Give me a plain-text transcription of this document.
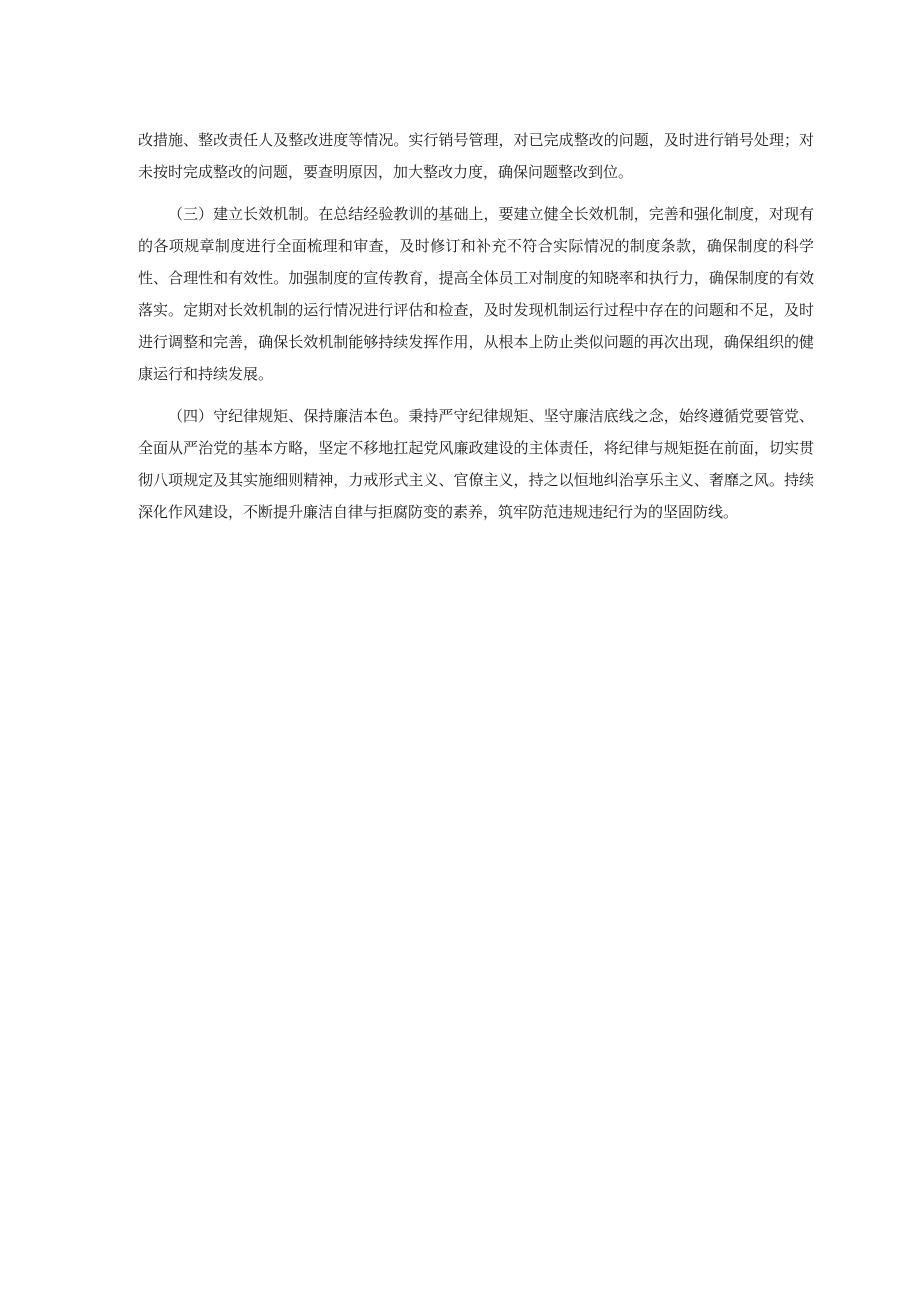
改措施、整改责任人及整改进度等情况。实行销号管理，对已完成整改的问题，及时进行销号处理；对未按时完成整改的问题，要查明原因，加大整改力度，确保问题整改到位。

（三）建立长效机制。在总结经验教训的基础上，要建立健全长效机制，完善和强化制度，对现有的各项规章制度进行全面梳理和审查，及时修订和补充不符合实际情况的制度条款，确保制度的科学性、合理性和有效性。加强制度的宣传教育，提高全体员工对制度的知晓率和执行力，确保制度的有效落实。定期对长效机制的运行情况进行评估和检查，及时发现机制运行过程中存在的问题和不足，及时进行调整和完善，确保长效机制能够持续发挥作用，从根本上防止类似问题的再次出现，确保组织的健康运行和持续发展。

（四）守纪律规矩、保持廉洁本色。秉持严守纪律规矩、坚守廉洁底线之念，始终遵循党要管党、全面从严治党的基本方略，坚定不移地扛起党风廉政建设的主体责任，将纪律与规矩挺在前面，切实贯彻八项规定及其实施细则精神，力戒形式主义、官僚主义，持之以恒地纠治享乐主义、奢靡之风。持续深化作风建设，不断提升廉洁自律与拒腐防变的素养，筑牢防范违规违纪行为的坚固防线。
